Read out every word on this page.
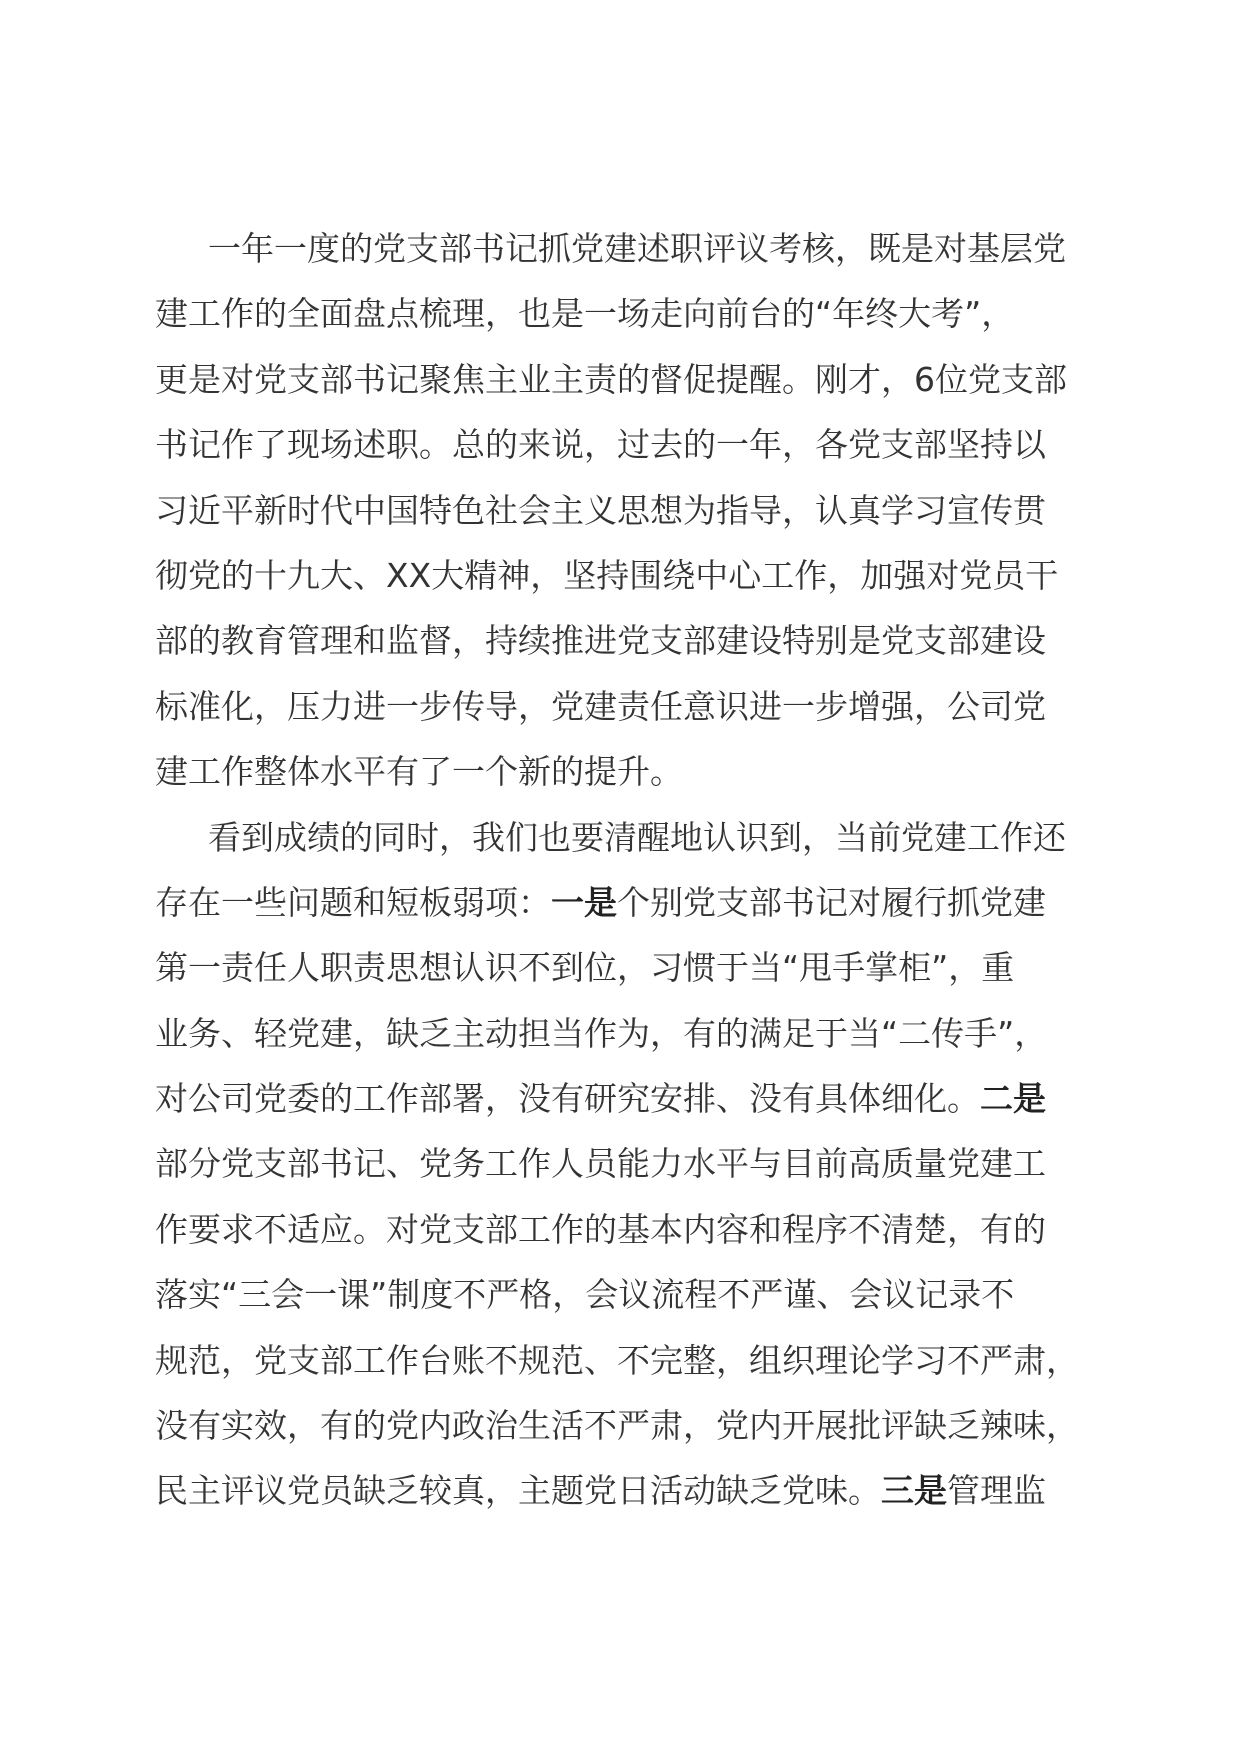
一年一度的党支部书记抓党建述职评议考核，既是对基层党
建工作的全面盘点梳理，也是一场走向前台的“年终大考”，
更是对党支部书记聚焦主业主责的督促提醒。刚才，6位党支部
书记作了现场述职。总的来说，过去的一年，各党支部坚持以
习近平新时代中国特色社会主义思想为指导，认真学习宣传贯
彻党的十九大、XX大精神，坚持围绕中心工作，加强对党员干
部的教育管理和监督，持续推进党支部建设特别是党支部建设
标准化，压力进一步传导，党建责任意识进一步增强，公司党
建工作整体水平有了一个新的提升。
看到成绩的同时，我们也要清醒地认识到，当前党建工作还
存在一些问题和短板弱项：一是个别党支部书记对履行抓党建
第一责任人职责思想认识不到位，习惯于当“甩手掌柜”，重
业务、轻党建，缺乏主动担当作为，有的满足于当“二传手”，
对公司党委的工作部署，没有研究安排、没有具体细化。二是
部分党支部书记、党务工作人员能力水平与目前高质量党建工
作要求不适应。对党支部工作的基本内容和程序不清楚，有的
落实“三会一课”制度不严格，会议流程不严谨、会议记录不
规范，党支部工作台账不规范、不完整，组织理论学习不严肃，
没有实效，有的党内政治生活不严肃，党内开展批评缺乏辣味，
民主评议党员缺乏较真，主题党日活动缺乏党味。三是管理监
